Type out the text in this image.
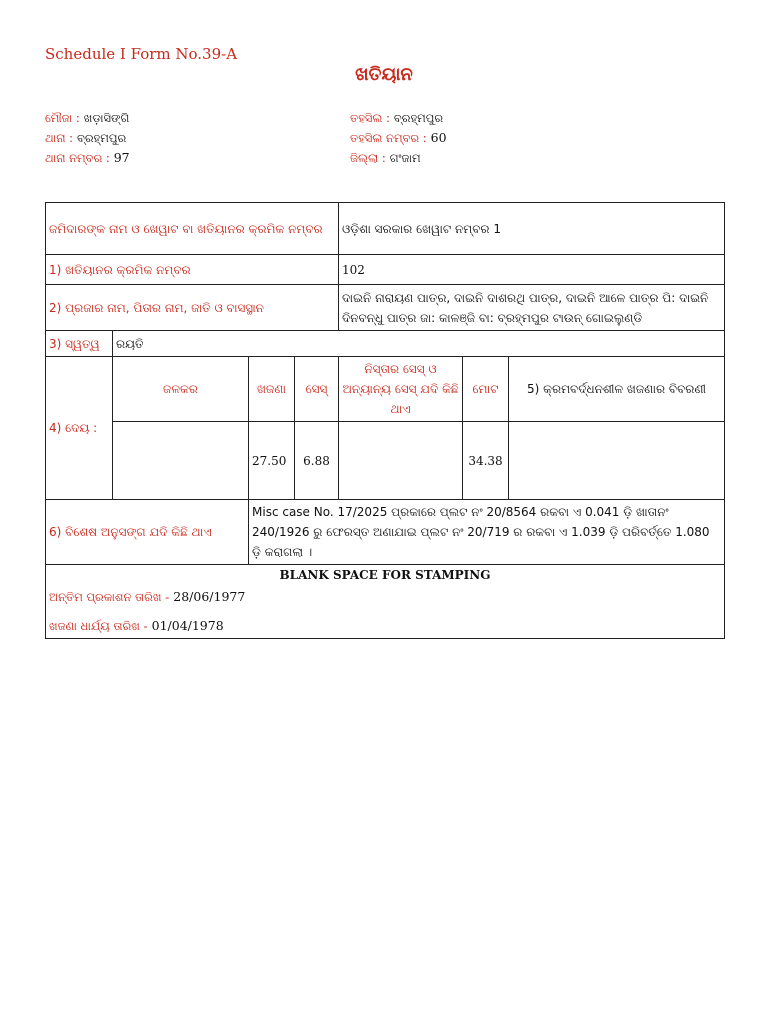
Schedule I Form No.39-A
ଖତିୟାନ
ମୌଜା : ଖଡ଼ାସିଙ୍ଗି
ଥାନା : ବ୍ରହ୍ମପୁର
ଥାନା ନମ୍ବର : 97
ତହସିଲ : ବ୍ରହ୍ମପୁର
ତହସିଲ ନମ୍ବର : 60
ଜିଲ୍ଲା : ଗଂଜାମ
ଜମିଦାରଙ୍କ ନାମ ଓ ଖେୱାଟ ବା ଖତିୟାନର କ୍ରମିକ ନମ୍ବର				ଓଡ଼ିଶା ସରକାର ଖେୱାଟ ନମ୍ବର 1		
1) ଖତିୟାନର କ୍ରମିକ ନମ୍ବର				102		
2) ପ୍ରଜାର ନାମ, ପିତାର ନାମ, ଜାତି ଓ ବାସସ୍ଥାନ				ଦାଇନି ନାରାୟଣ ପାତ୍ର, ଦାଇନି ଦାଶରଥି ପାତ୍ର, ଦାଇନି ଆଳେ ପାତ୍ର ପି: ଦାଇନି ଦିନବନ୍ଧୁ ପାତ୍ର ଜା: କାଳଞ୍ଜି ବା: ବ୍ରହ୍ମପୁର ଟାଉନ୍ ଗୋଇଲୁଣ୍ଡି		
3) ସ୍ୱତ୍ୱ	ରୟତି					
4) ଦେୟ :	ଜଳକର	ଖଜଣା	ସେସ୍	ନିସ୍ତାର ସେସ୍ ଓ ଅନ୍ୟାନ୍ୟ ସେସ୍ ଯଦି କିଛି ଥାଏ	ମୋଟ	5) କ୍ରମବର୍ଦ୍ଧନଶୀଳ ଖଜଣାର ବିବରଣୀ
		27.50	6.88		34.38	
6) ବିଶେଷ ଅନୁସଙ୍ଗ ଯଦି କିଛି ଥାଏ		Misc case No. 17/2025 ପ୍ରକାରେ ପ୍ଲଟ ନଂ 20/8564 ରକବା ଏ 0.041 ଡ଼ି ଖାତାନଂ 240/1926 ରୁ ଫେରସ୍ତ ଅଣାଯାଇ ପ୍ଲଟ ନଂ 20/719 ର ରକବା ଏ 1.039 ଡ଼ି ପରିବର୍ତ୍ତେ 1.080 ଡ଼ି କରାଗଲା ।				

BLANK SPACE FOR STAMPING
ଅନ୍ତିମ ପ୍ରକାଶନ ତାରିଖ - 28/06/1977
ଖଜଣା ଧାର୍ଯ୍ୟ ତାରିଖ - 01/04/1978						
